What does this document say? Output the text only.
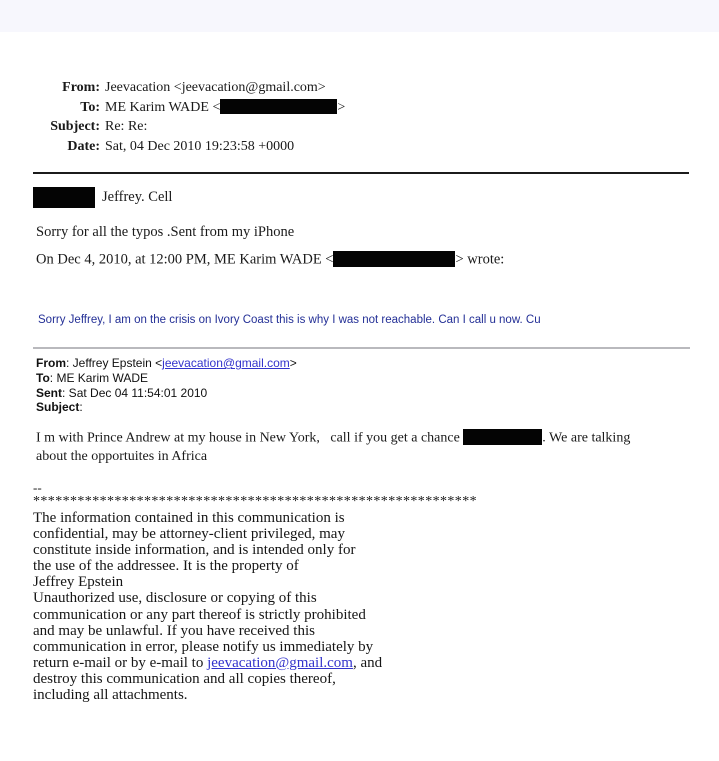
From: Jeevacation <jeevacation@gmail.com>
To: ME Karim WADE <	>
Subject: Re: Re:
Date: Sat, 04 Dec 2010 19:23:58 +0000
Jeffrey. Cell
Sorry for all the typos .Sent from my iPhone
On Dec 4, 2010, at 12:00 PM, ME Karim WADE <	> wrote:
Sorry Jeffrey, I am on the crisis on Ivory Coast this is why I was not reachable. Can I call u now. Cu
From: Jeffrey Epstein <jeevacation@gmail.com>
To: ME Karim WADE
Sent: Sat Dec 04 11:54:01 2010
Subject:
I m with Prince Andrew at my house in New York,   call if you get a chance	. We are talking
about the opportuites in Africa
--
************************************************************
The information contained in this communication is
confidential, may be attorney-client privileged, may
constitute inside information, and is intended only for
the use of the addressee. It is the property of
Jeffrey Epstein
Unauthorized use, disclosure or copying of this
communication or any part thereof is strictly prohibited
and may be unlawful. If you have received this
communication in error, please notify us immediately by
return e-mail or by e-mail to jeevacation@gmail.com, and
destroy this communication and all copies thereof,
including all attachments.
